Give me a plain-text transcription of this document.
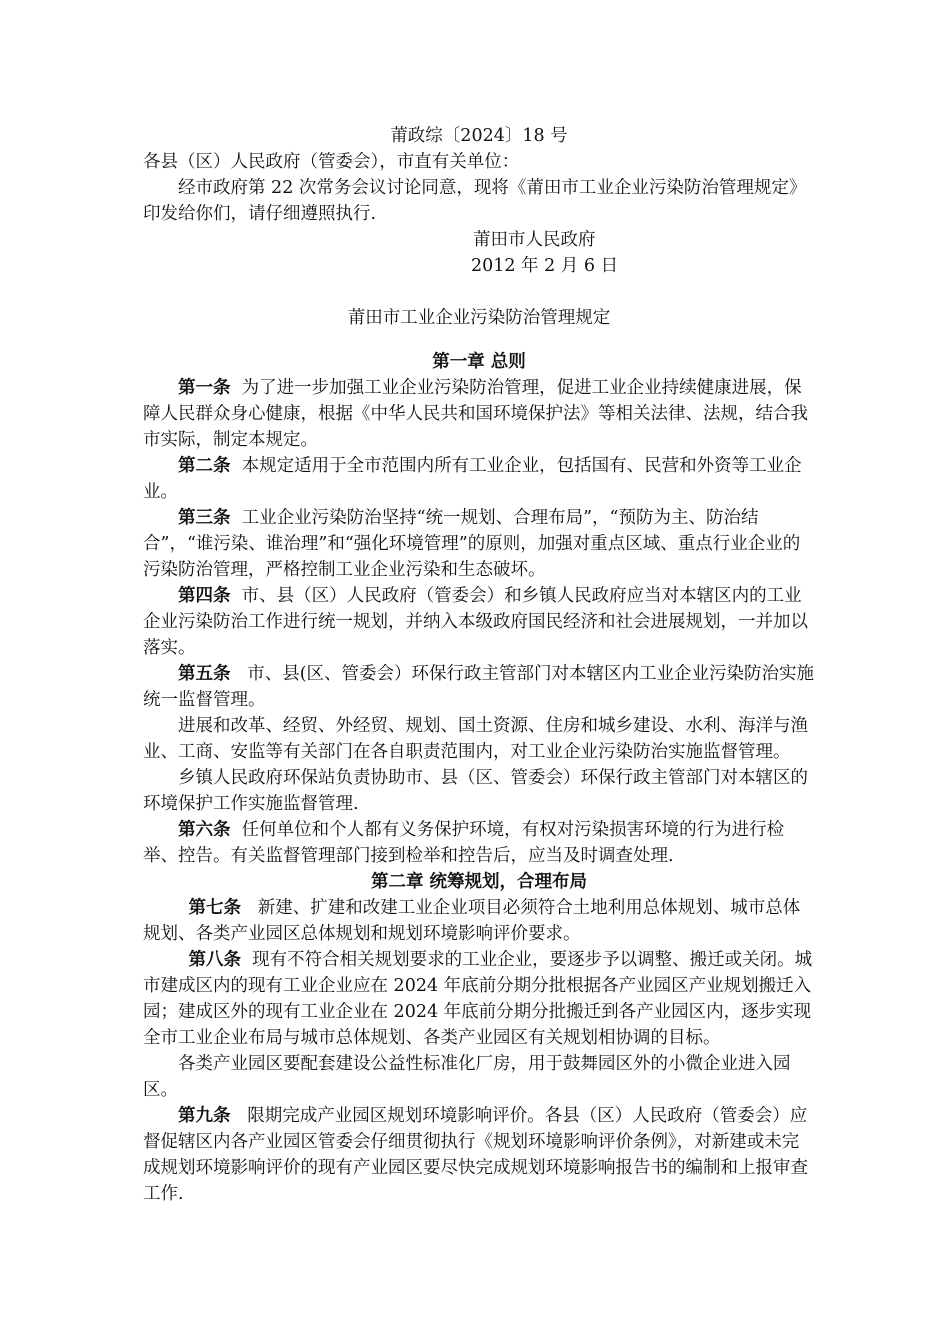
莆政综〔2024〕18 号

各县（区）人民政府（管委会），市直有关单位：

经市政府第 22 次常务会议讨论同意，现将《莆田市工业企业污染防治管理规定》印发给你们，请仔细遵照执行.

莆田市人民政府

2012 年 2 月 6 日

莆田市工业企业污染防治管理规定

第一章 总则

第一条 为了进一步加强工业企业污染防治管理，促进工业企业持续健康进展，保障人民群众身心健康，根据《中华人民共和国环境保护法》等相关法律、法规，结合我市实际，制定本规定。

第二条 本规定适用于全市范围内所有工业企业，包括国有、民营和外资等工业企业。

第三条 工业企业污染防治坚持“统一规划、合理布局”，“预防为主、防治结合”，“谁污染、谁治理”和“强化环境管理”的原则，加强对重点区域、重点行业企业的污染防治管理，严格控制工业企业污染和生态破坏。

第四条 市、县（区）人民政府（管委会）和乡镇人民政府应当对本辖区内的工业企业污染防治工作进行统一规划，并纳入本级政府国民经济和社会进展规划，一并加以落实。

第五条 市、县(区、管委会）环保行政主管部门对本辖区内工业企业污染防治实施统一监督管理。

进展和改革、经贸、外经贸、规划、国土资源、住房和城乡建设、水利、海洋与渔业、工商、安监等有关部门在各自职责范围内，对工业企业污染防治实施监督管理。

乡镇人民政府环保站负责协助市、县（区、管委会）环保行政主管部门对本辖区的环境保护工作实施监督管理.

第六条 任何单位和个人都有义务保护环境，有权对污染损害环境的行为进行检举、控告。有关监督管理部门接到检举和控告后，应当及时调查处理.

第二章 统筹规划，合理布局

第七条 新建、扩建和改建工业企业项目必须符合土地利用总体规划、城市总体规划、各类产业园区总体规划和规划环境影响评价要求。

第八条 现有不符合相关规划要求的工业企业，要逐步予以调整、搬迁或关闭。城市建成区内的现有工业企业应在 2024 年底前分期分批根据各产业园区产业规划搬迁入园；建成区外的现有工业企业在 2024 年底前分期分批搬迁到各产业园区内，逐步实现全市工业企业布局与城市总体规划、各类产业园区有关规划相协调的目标。

各类产业园区要配套建设公益性标准化厂房，用于鼓舞园区外的小微企业进入园区。

第九条 限期完成产业园区规划环境影响评价。各县（区）人民政府（管委会）应督促辖区内各产业园区管委会仔细贯彻执行《规划环境影响评价条例》，对新建或未完成规划环境影响评价的现有产业园区要尽快完成规划环境影响报告书的编制和上报审查工作.
